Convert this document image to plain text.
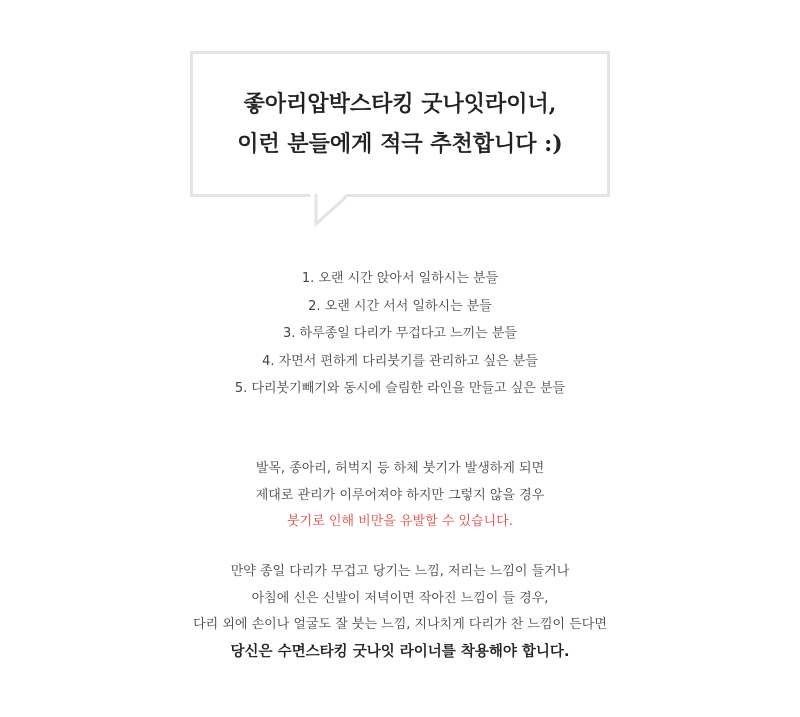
좋아리압박스타킹 굿나잇라이너,
이런 분들에게 적극 추천합니다 :)
1. 오랜 시간 앉아서 일하시는 분들
2. 오랜 시간 서서 일하시는 분들
3. 하루종일 다리가 무겁다고 느끼는 분들
4. 자면서 편하게 다리붓기를 관리하고 싶은 분들
5. 다리붓기빼기와 동시에 슬림한 라인을 만들고 싶은 분들
발목, 종아리, 허벅지 등 하체 붓기가 발생하게 되면
제대로 관리가 이루어져야 하지만 그렇지 않을 경우
붓기로 인해 비만을 유발할 수 있습니다.
만약 종일 다리가 무겁고 당기는 느낌, 저리는 느낌이 들거나
아침에 신은 신발이 저녁이면 작아진 느낌이 들 경우,
다리 외에 손이나 얼굴도 잘 붓는 느낌, 지나치게 다리가 찬 느낌이 든다면
당신은 수면스타킹 굿나잇 라이너를 착용해야 합니다.
